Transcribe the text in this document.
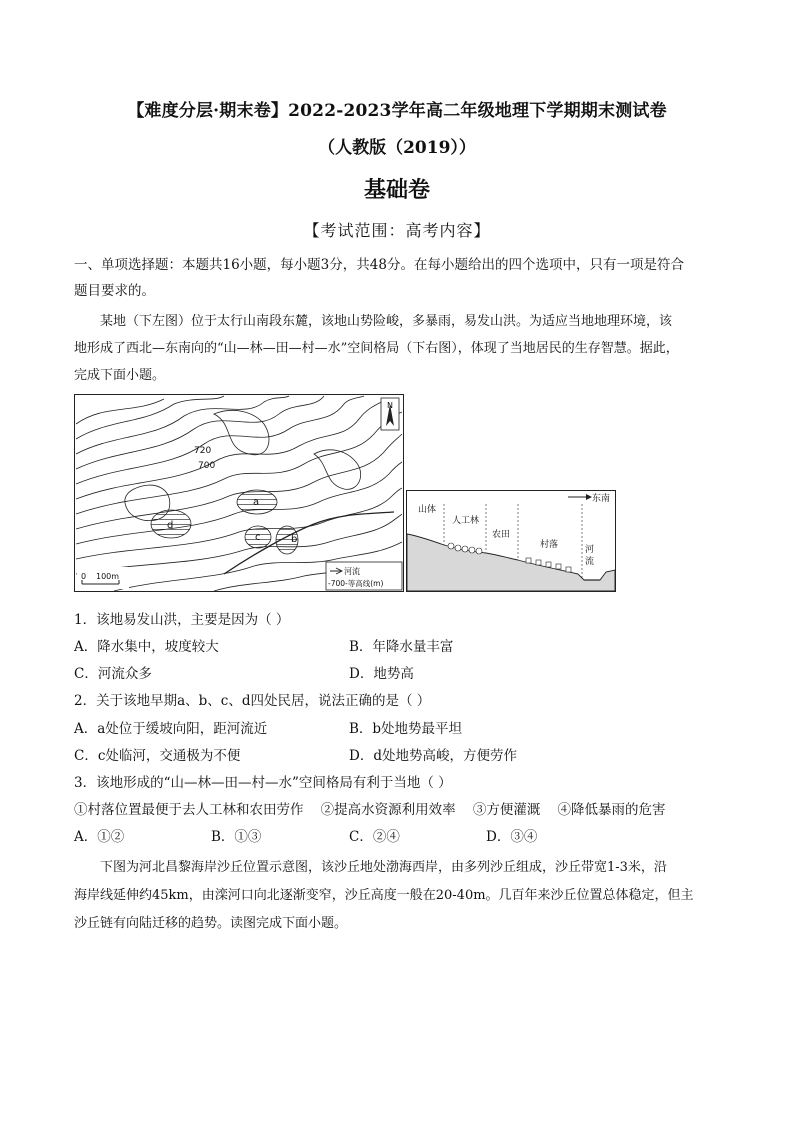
【难度分层·期末卷】2022-2023学年高二年级地理下学期期末测试卷
（人教版（2019））
基础卷
【考试范围：高考内容】
一、单项选择题：本题共16小题，每小题3分，共48分。在每小题给出的四个选项中，只有一项是符合
题目要求的。
某地（下左图）位于太行山南段东麓，该地山势险峻，多暴雨，易发山洪。为适应当地地理环境，该
地形成了西北—东南向的“山—林—田—村—水”空间格局（下右图），体现了当地居民的生存智慧。据此，
完成下面小题。
a
b
c
d
720
700
N
0 100m
河流
-700-等高线(m)
东南
山体
人工林
农田
村落	河
流
1．该地易发山洪，主要是因为（ ）
A．降水集中，坡度较大	B．年降水量丰富
C．河流众多	D．地势高
2．关于该地早期a、b、c、d四处民居，说法正确的是（ ）
A．a处位于缓坡向阳，距河流近	B．b处地势最平坦
C．c处临河，交通极为不便	D．d处地势高峻，方便劳作
3．该地形成的“山—林—田—村—水”空间格局有利于当地（ ）
①村落位置最便于去人工林和农田劳作    ②提高水资源利用效率    ③方便灌溉    ④降低暴雨的危害
A．①②	B．①③	C．②④	D．③④
下图为河北昌黎海岸沙丘位置示意图，该沙丘地处渤海西岸，由多列沙丘组成，沙丘带宽1-3米，沿
海岸线延伸约45km，由滦河口向北逐渐变窄，沙丘高度一般在20-40m。几百年来沙丘位置总体稳定，但主
沙丘链有向陆迁移的趋势。读图完成下面小题。
